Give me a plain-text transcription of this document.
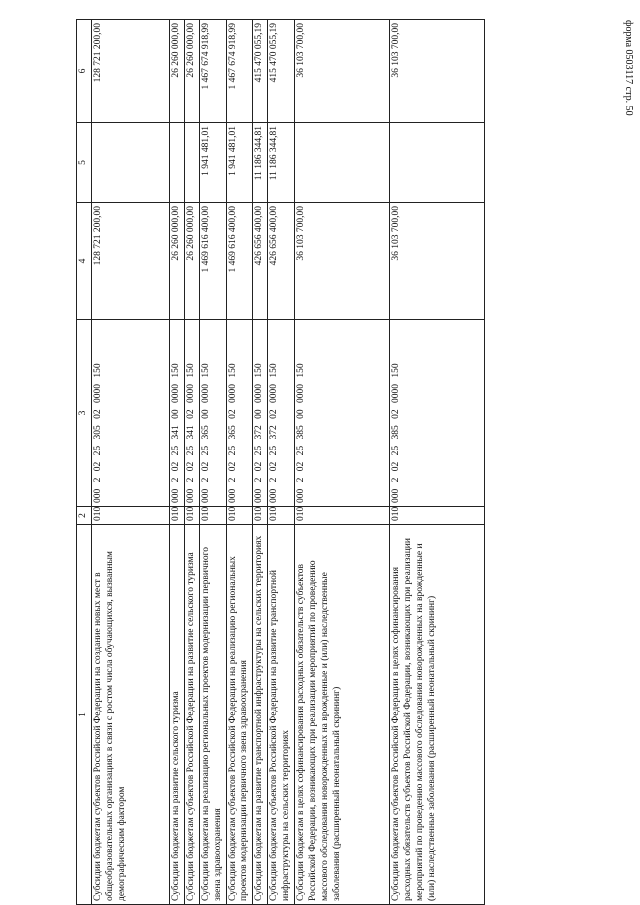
форма 0503117 стр. 50
1	2	3	4	5	6
Субсидии бюджетам субъектов Российской Федерации на создание новых мест в общеобразовательных организациях в связи с ростом числа обучающихся, вызванным демографическим фактором	010	000 2 02 25 305 02 0000 150	128 721 200,00		128 721 200,00
Субсидии бюджетам на развитие сельского туризма	010	000 2 02 25 341 00 0000 150	26 260 000,00		26 260 000,00
Субсидии бюджетам субъектов Российской Федерации на развитие сельского туризма	010	000 2 02 25 341 02 0000 150	26 260 000,00		26 260 000,00
Субсидии бюджетам на реализацию региональных проектов модернизации первичного звена здравоохранения	010	000 2 02 25 365 00 0000 150	1 469 616 400,00	1 941 481,01	1 467 674 918,99
Субсидии бюджетам субъектов Российской Федерации на реализацию региональных проектов модернизации первичного звена здравоохранения	010	000 2 02 25 365 02 0000 150	1 469 616 400,00	1 941 481,01	1 467 674 918,99
Субсидии бюджетам на развитие транспортной инфраструктуры на сельских территориях	010	000 2 02 25 372 00 0000 150	426 656 400,00	11 186 344,81	415 470 055,19
Субсидии бюджетам субъектов Российской Федерации на развитие транспортной инфраструктуры на сельских территориях	010	000 2 02 25 372 02 0000 150	426 656 400,00	11 186 344,81	415 470 055,19
Субсидии бюджетам в целях софинансирования расходных обязательств субъектов Российской Федерации, возникающих при реализации мероприятий по проведению массового обследования новорожденных на врожденные и (или) наследственные заболевания (расширенный неонатальный скрининг)	010	000 2 02 25 385 00 0000 150	36 103 700,00		36 103 700,00
Субсидии бюджетам субъектов Российской Федерации в целях софинансирования расходных обязательств субъектов Российской Федерации, возникающих при реализации мероприятий по проведению массового обследования новорожденных на врожденные и (или) наследственные заболевания (расширенный неонатальный скрининг)	010	000 2 02 25 385 02 0000 150	36 103 700,00		36 103 700,00
